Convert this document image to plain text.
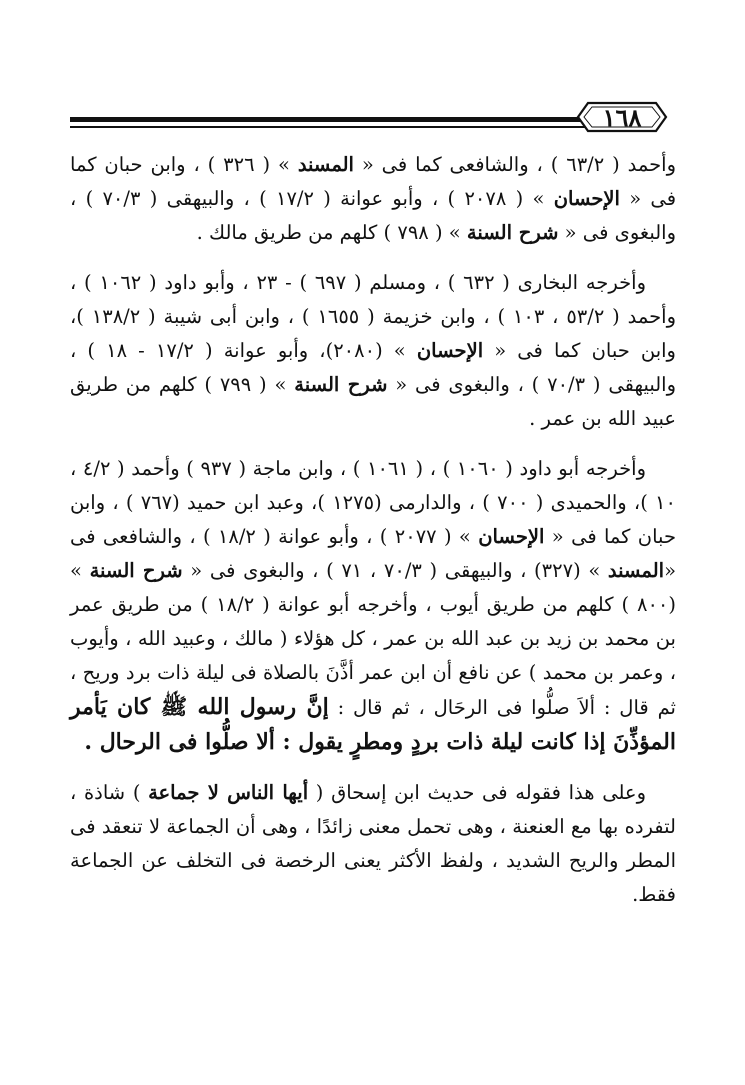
١٦٨

وأحمد ( ٦٣/٢ ) ، والشافعى كما فى « المسند » ( ٣٢٦ ) ، وابن حبان كما فى « الإحسان » ( ٢٠٧٨ ) ، وأبو عوانة ( ١٧/٢ ) ، والبيهقى ( ٧٠/٣ ) ، والبغوى فى « شرح السنة » ( ٧٩٨ ) كلهم من طريق مالك .

وأخرجه البخارى ( ٦٣٢ ) ، ومسلم ( ٦٩٧ ) - ٢٣ ، وأبو داود ( ١٠٦٢ ) ، وأحمد ( ٥٣/٢ ، ١٠٣ ) ، وابن خزيمة ( ١٦٥٥ ) ، وابن أبى شيبة ( ١٣٨/٢ )، وابن حبان كما فى « الإحسان » (٢٠٨٠)، وأبو عوانة ( ١٧/٢ - ١٨ ) ، والبيهقى ( ٧٠/٣ ) ، والبغوى فى « شرح السنة » ( ٧٩٩ ) كلهم من طريق عبيد الله بن عمر .

وأخرجه أبو داود ( ١٠٦٠ ) ، ( ١٠٦١ ) ، وابن ماجة ( ٩٣٧ ) وأحمد ( ٤/٢ ، ١٠ )، والحميدى ( ٧٠٠ ) ، والدارمى (١٢٧٥ )، وعبد ابن حميد (٧٦٧ ) ، وابن حبان كما فى « الإحسان » ( ٢٠٧٧ ) ، وأبو عوانة ( ١٨/٢ ) ، والشافعى فى «المسند » (٣٢٧) ، والبيهقى ( ٧٠/٣ ، ٧١ ) ، والبغوى فى « شرح السنة » (٨٠٠ ) كلهم من طريق أيوب ، وأخرجه أبو عوانة ( ١٨/٢ ) من طريق عمر بن محمد بن زيد بن عبد الله بن عمر ، كل هؤلاء ( مالك ، وعبيد الله ، وأيوب ، وعمر بن محمد ) عن نافع أن ابن عمر أذَّنَ بالصلاة فى ليلة ذات برد وريح ، ثم قال : ألاَ صلُّوا فى الرحَال ، ثم قال : إنَّ رسول الله ﷺ كان يَأمر المؤذِّنَ إذا كانت ليلة ذات بردٍ ومطرٍ يقول : ألا صلُّوا فى الرحال .

وعلى هذا فقوله فى حديث ابن إسحاق ( أيها الناس لا جماعة ) شاذة ، لتفرده بها مع العنعنة ، وهى تحمل معنى زائدًا ، وهى أن الجماعة لا تنعقد فى المطر والريح الشديد ، ولفظ الأكثر يعنى الرخصة فى التخلف عن الجماعة فقط.
